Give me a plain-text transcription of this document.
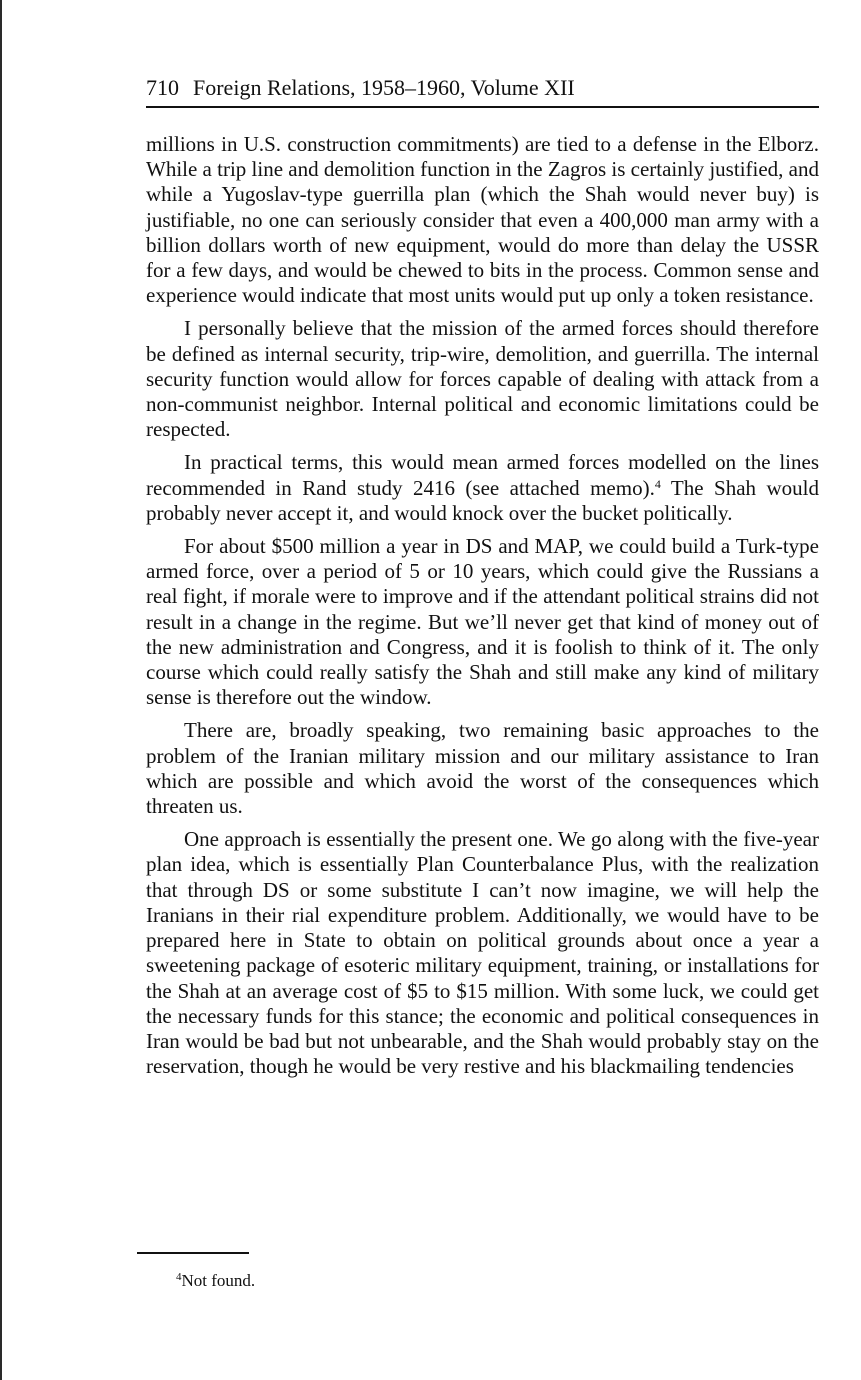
710 Foreign Relations, 1958–1960, Volume XII

millions in U.S. construction commitments) are tied to a defense in the Elborz. While a trip line and demolition function in the Zagros is certainly justified, and while a Yugoslav-type guerrilla plan (which the Shah would never buy) is justifiable, no one can seriously consider that even a 400,000 man army with a billion dollars worth of new equipment, would do more than delay the USSR for a few days, and would be chewed to bits in the process. Common sense and experience would indicate that most units would put up only a token resistance.

I personally believe that the mission of the armed forces should therefore be defined as internal security, trip-wire, demolition, and guerrilla. The internal security function would allow for forces capable of dealing with attack from a non-communist neighbor. Internal political and economic limitations could be respected.

In practical terms, this would mean armed forces modelled on the lines recommended in Rand study 2416 (see attached memo).$^4$ The Shah would probably never accept it, and would knock over the bucket politically.

For about $500 million a year in DS and MAP, we could build a Turk-type armed force, over a period of 5 or 10 years, which could give the Russians a real fight, if morale were to improve and if the attendant political strains did not result in a change in the regime. But we’ll never get that kind of money out of the new administration and Congress, and it is foolish to think of it. The only course which could really satisfy the Shah and still make any kind of military sense is therefore out the window.

There are, broadly speaking, two remaining basic approaches to the problem of the Iranian military mission and our military assistance to Iran which are possible and which avoid the worst of the consequences which threaten us.

One approach is essentially the present one. We go along with the five-year plan idea, which is essentially Plan Counterbalance Plus, with the realization that through DS or some substitute I can’t now imagine, we will help the Iranians in their rial expenditure problem. Additionally, we would have to be prepared here in State to obtain on political grounds about once a year a sweetening package of esoteric military equipment, training, or installations for the Shah at an average cost of $5 to $15 million. With some luck, we could get the necessary funds for this stance; the economic and political consequences in Iran would be bad but not unbearable, and the Shah would probably stay on the reservation, though he would be very restive and his blackmailing tendencies

$^4$Not found.
